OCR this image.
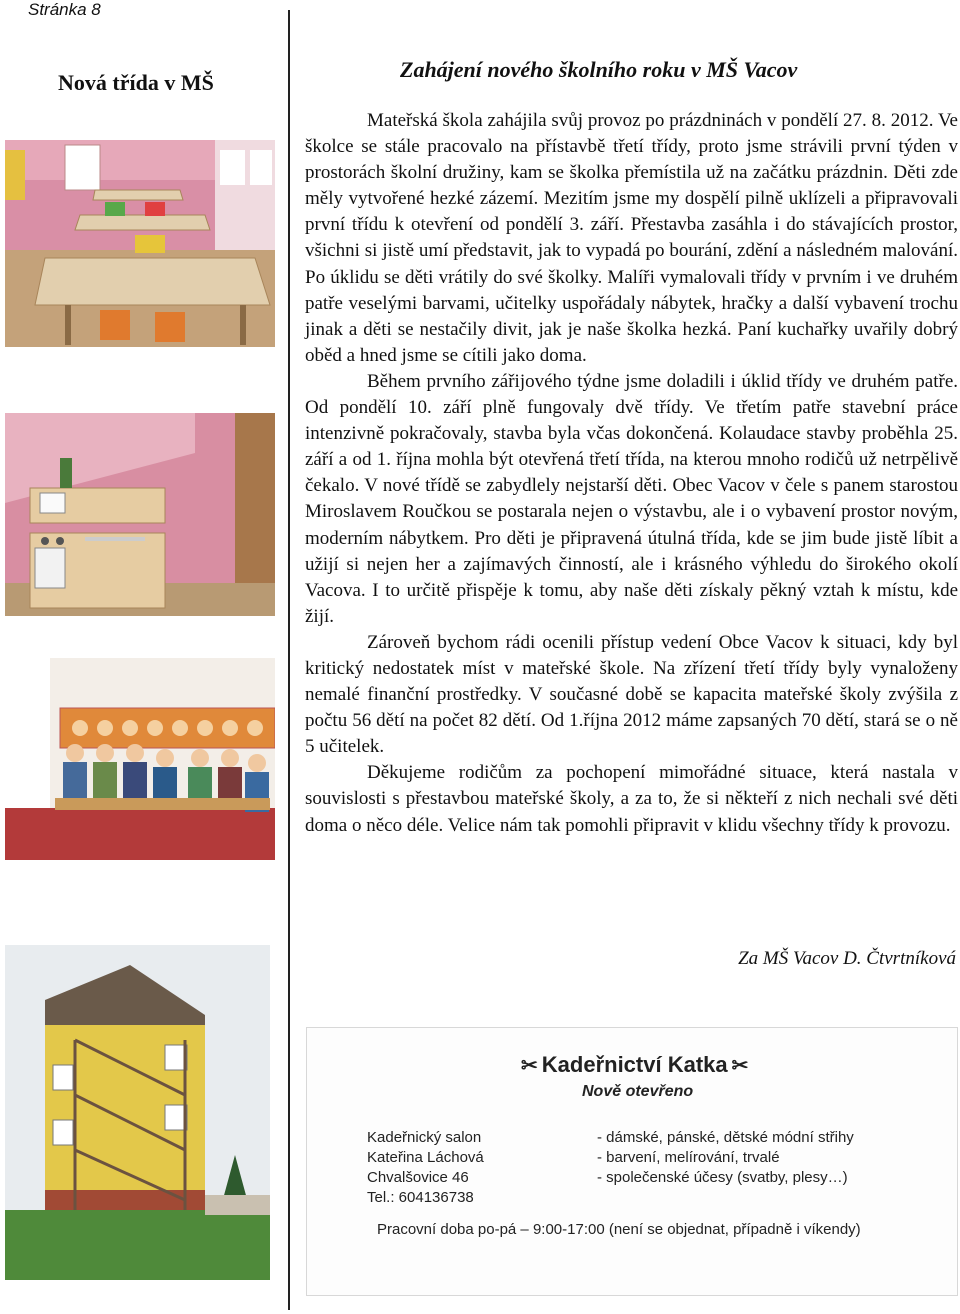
Stránka 8
Nová třída v MŠ
Zahájení nového školního roku v MŠ Vacov

Mateřská škola zahájila svůj provoz po prázdninách v pondělí 27. 8. 2012. Ve školce se stále pracovalo na přístavbě třetí třídy, proto jsme strávili první týden v prostorách školní družiny, kam se školka přemístila už na začátku prázdnin. Děti zde měly vytvořené hezké zázemí. Mezitím jsme my dospělí pilně uklízeli a připravovali první třídu k otevření od pondělí 3. září. Přestavba zasáhla i do stávajících prostor, všichni si jistě umí představit, jak to vypadá po bourání, zdění a následném malování. Po úklidu se děti vrátily do své školky. Malíři vymalovali třídy v prvním i ve druhém patře veselými barvami, učitelky uspořádaly nábytek, hračky a další vybavení trochu jinak a děti se nestačily divit, jak je naše školka hezká. Paní kuchařky uvařily dobrý oběd a hned jsme se cítili jako doma.

Během prvního zářijového týdne jsme doladili i úklid třídy ve druhém patře. Od pondělí 10. září plně fungovaly dvě třídy. Ve třetím patře stavební práce intenzivně pokračovaly, stavba byla včas dokončená. Kolaudace stavby proběhla 25. září a od 1. října mohla být otevřená třetí třída, na kterou mnoho rodičů už netrpělivě čekalo. V nové třídě se zabydlely nejstarší děti. Obec Vacov v čele s panem starostou Miroslavem Roučkou se postarala nejen o výstavbu, ale i o vybavení prostor novým, moderním nábytkem. Pro děti je připravená útulná třída, kde se jim bude jistě líbit a užijí si nejen her a zajímavých činností, ale i krásného výhledu do širokého okolí Vacova. I to určitě přispěje k tomu, aby naše děti získaly pěkný vztah k místu, kde žijí.

Zároveň bychom rádi ocenili přístup vedení Obce Vacov k situaci, kdy byl kritický nedostatek míst v mateřské škole. Na zřízení třetí třídy byly vynaloženy nemalé finanční prostředky. V současné době se kapacita mateřské školy zvýšila z počtu 56 dětí na počet 82 dětí. Od 1.října 2012 máme zapsaných 70 dětí, stará se o ně 5 učitelek.

Děkujeme rodičům za pochopení mimořádné situace, která nastala v souvislosti s přestavbou mateřské školy, a za to, že si někteří z nich nechali své děti doma o něco déle. Velice nám tak pomohli připravit v klidu všechny třídy k provozu.

Za MŠ Vacov D. Čtvrtníková
✂ Kadeřnictví Katka ✂
Nově otevřeno
Kadeřnický salon
Kateřina Láchová
Chvalšovice 46
Tel.: 604136738
- dámské, pánské, dětské módní střihy
- barvení, melírování, trvalé
- společenské účesy (svatby, plesy…)
Pracovní doba po-pá – 9:00-17:00 (není se objednat, případně i víkendy)
